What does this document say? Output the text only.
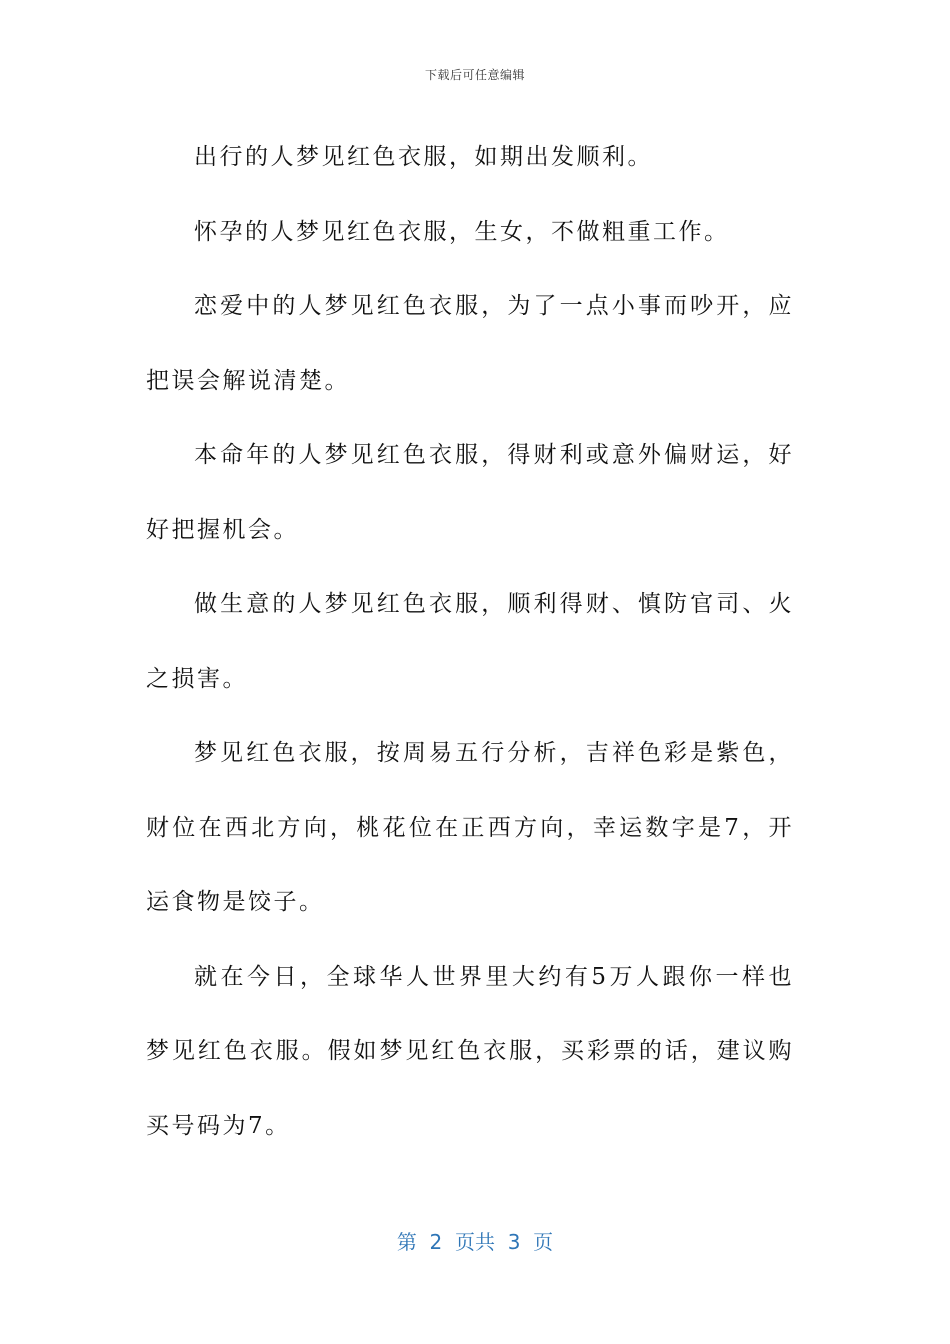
下载后可任意编辑

出行的人梦见红色衣服，如期出发顺利。

怀孕的人梦见红色衣服，生女，不做粗重工作。

恋爱中的人梦见红色衣服，为了一点小事而吵开，应把误会解说清楚。

本命年的人梦见红色衣服，得财利或意外偏财运，好好把握机会。

做生意的人梦见红色衣服，顺利得财、慎防官司、火之损害。

梦见红色衣服，按周易五行分析，吉祥色彩是紫色，财位在西北方向，桃花位在正西方向，幸运数字是7，开运食物是饺子。

就在今日，全球华人世界里大约有5万人跟你一样也梦见红色衣服。假如梦见红色衣服，买彩票的话，建议购买号码为7。

第 2 页共 3 页
